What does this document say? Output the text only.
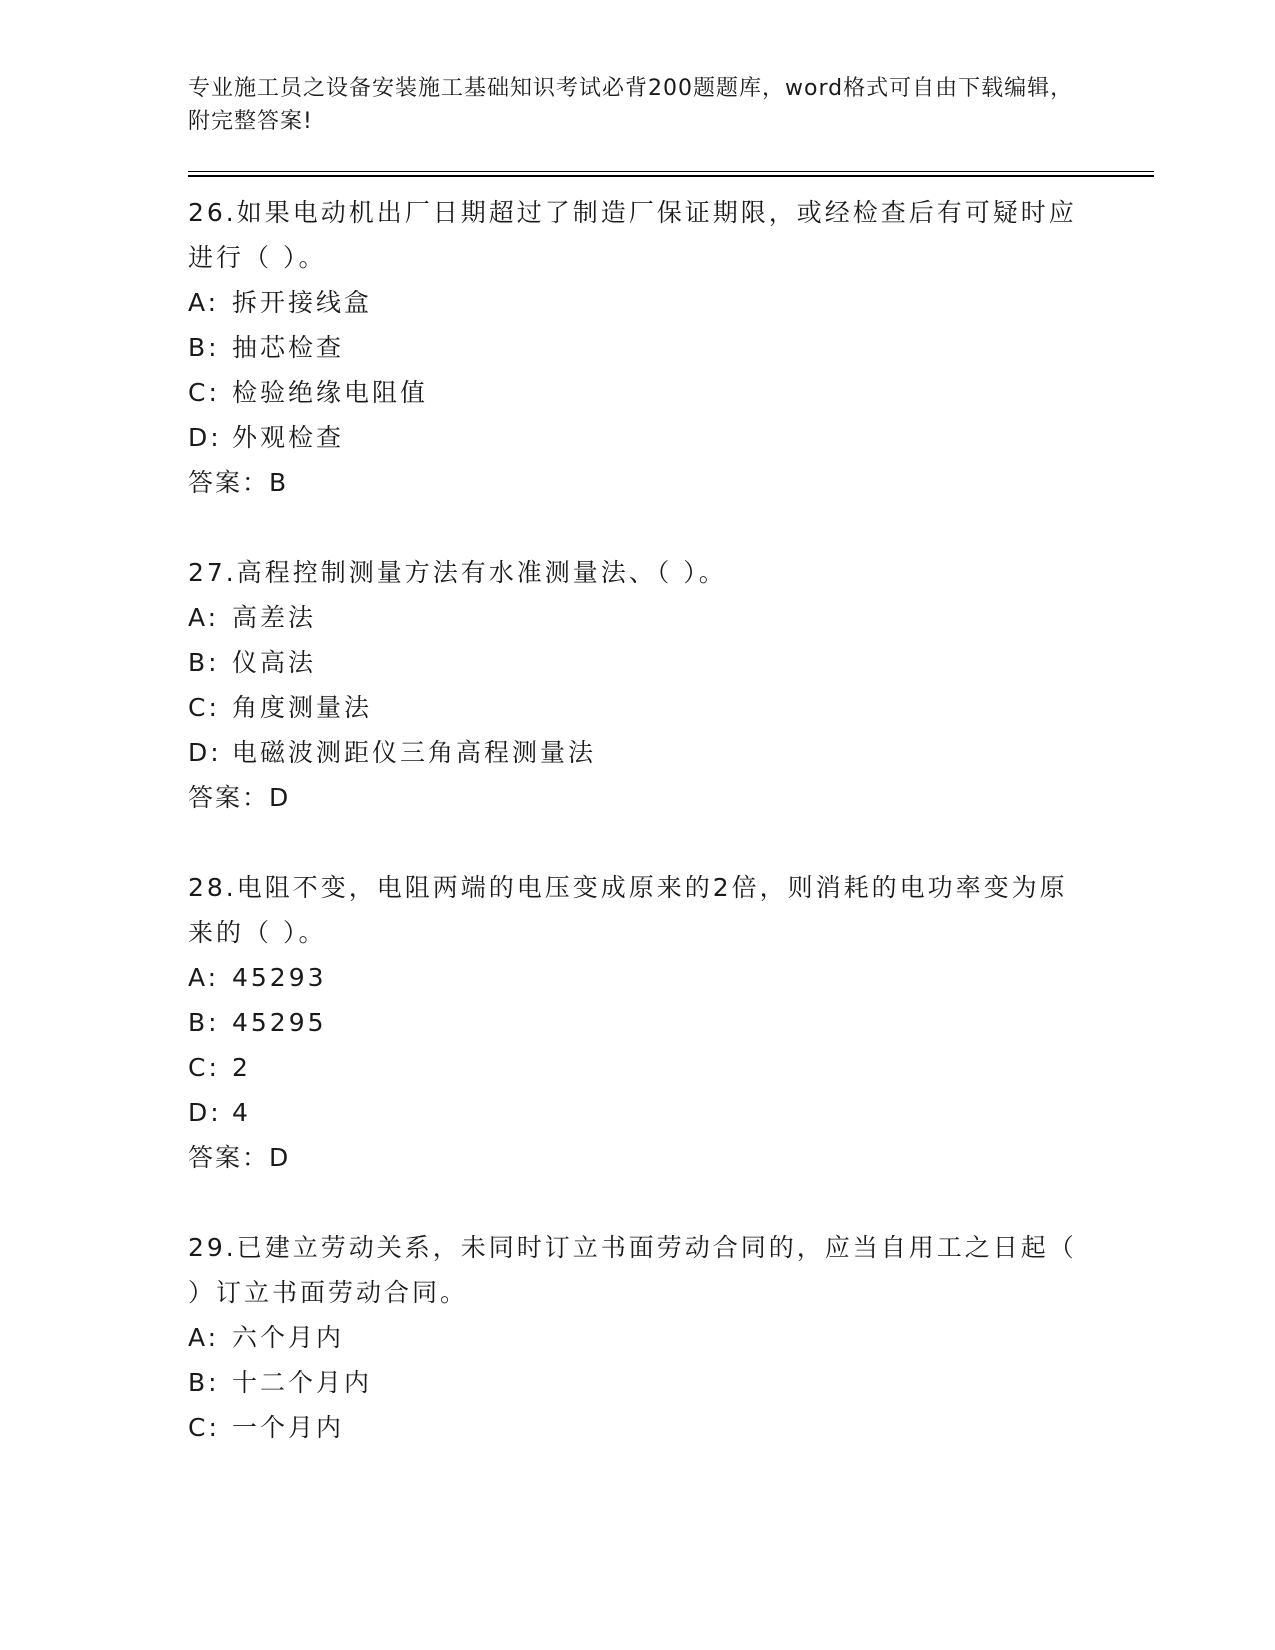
专业施工员之设备安装施工基础知识考试必背200题题库，word格式可自由下载编辑，附完整答案!

26.如果电动机出厂日期超过了制造厂保证期限，或经检查后有可疑时应进行（ ）。

A: 拆开接线盒

B: 抽芯检查

C: 检验绝缘电阻值

D: 外观检查

答案：B

27.高程控制测量方法有水准测量法、（ ）。

A: 高差法

B: 仪高法

C: 角度测量法

D: 电磁波测距仪三角高程测量法

答案：D

28.电阻不变，电阻两端的电压变成原来的2倍，则消耗的电功率变为原来的（ ）。

A: 45293

B: 45295

C: 2

D: 4

答案：D

29.已建立劳动关系，未同时订立书面劳动合同的，应当自用工之日起（ ）订立书面劳动合同。

A: 六个月内

B: 十二个月内

C: 一个月内
